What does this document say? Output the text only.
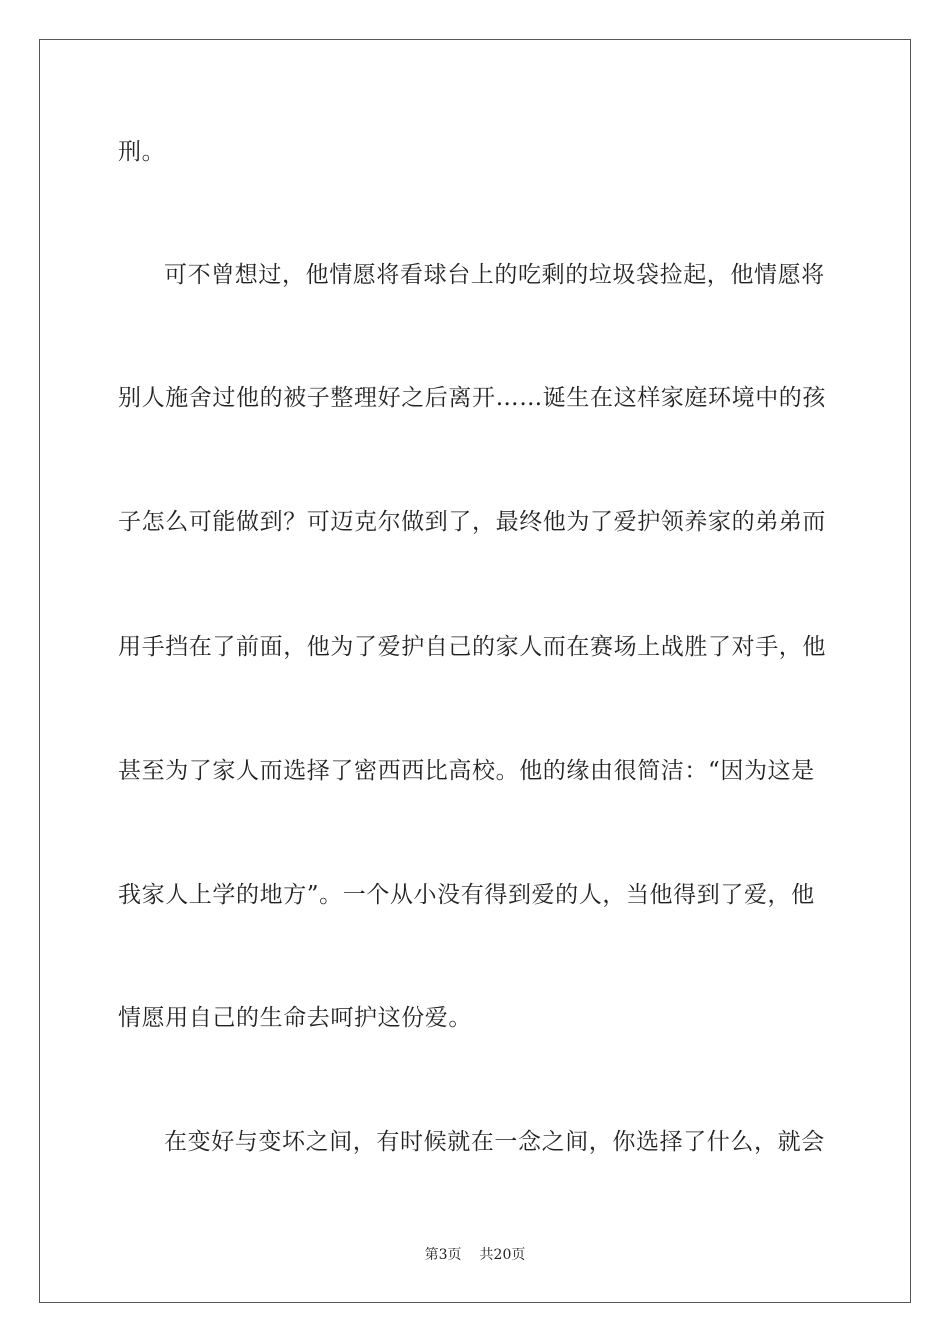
刑。
可不曾想过，他情愿将看球台上的吃剩的垃圾袋捡起，他情愿将
别人施舍过他的被子整理好之后离开……诞生在这样家庭环境中的孩
子怎么可能做到？可迈克尔做到了，最终他为了爱护领养家的弟弟而
用手挡在了前面，他为了爱护自己的家人而在赛场上战胜了对手，他
甚至为了家人而选择了密西西比高校。他的缘由很简洁：“因为这是
我家人上学的地方”。一个从小没有得到爱的人，当他得到了爱，他
情愿用自己的生命去呵护这份爱。
在变好与变坏之间，有时候就在一念之间，你选择了什么，就会
第3页 共20页
